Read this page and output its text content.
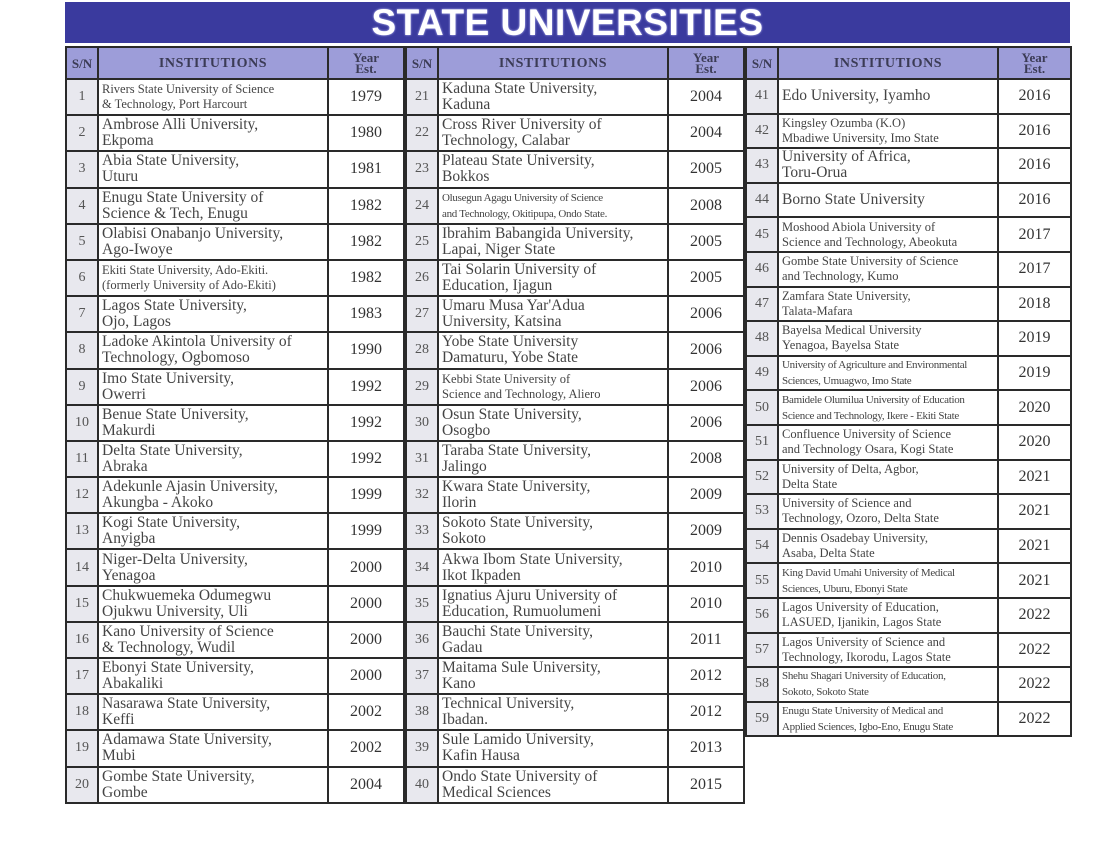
STATE UNIVERSITIES
S/N	INSTITUTIONS	Year
Est.
1	Rivers State University of Science
& Technology, Port Harcourt	1979
2	Ambrose Alli University,
Ekpoma	1980
3	Abia State University,
Uturu	1981
4	Enugu State University of
Science & Tech, Enugu	1982
5	Olabisi Onabanjo University,
Ago-Iwoye	1982
6	Ekiti State University, Ado-Ekiti.
(formerly University of Ado-Ekiti)	1982
7	Lagos State University,
Ojo, Lagos	1983
8	Ladoke Akintola University of
Technology, Ogbomoso	1990
9	Imo State University,
Owerri	1992
10	Benue State University,
Makurdi	1992
11	Delta State University,
Abraka	1992
12	Adekunle Ajasin University,
Akungba - Akoko	1999
13	Kogi State University,
Anyigba	1999
14	Niger-Delta University,
Yenagoa	2000
15	Chukwuemeka Odumegwu
Ojukwu University, Uli	2000
16	Kano University of Science
& Technology, Wudil	2000
17	Ebonyi State University,
Abakaliki	2000
18	Nasarawa State University,
Keffi	2002
19	Adamawa State University,
Mubi	2002
20	Gombe State University,
Gombe	2004
S/N	INSTITUTIONS	Year
Est.
21	Kaduna State University,
Kaduna	2004
22	Cross River University of
Technology, Calabar	2004
23	Plateau State University,
Bokkos	2005
24	Olusegun Agagu University of Science
and Technology, Okitipupa, Ondo State.	2008
25	Ibrahim Babangida University,
Lapai, Niger State	2005
26	Tai Solarin University of
Education, Ijagun	2005
27	Umaru Musa Yar'Adua
University, Katsina	2006
28	Yobe State University
Damaturu, Yobe State	2006
29	Kebbi State University of
Science and Technology, Aliero	2006
30	Osun State University,
Osogbo	2006
31	Taraba State University,
Jalingo	2008
32	Kwara State University,
Ilorin	2009
33	Sokoto State University,
Sokoto	2009
34	Akwa Ibom State University,
Ikot Ikpaden	2010
35	Ignatius Ajuru University of
Education, Rumuolumeni	2010
36	Bauchi State University,
Gadau	2011
37	Maitama Sule University,
Kano	2012
38	Technical University,
Ibadan.	2012
39	Sule Lamido University,
Kafin Hausa	2013
40	Ondo State University of
Medical Sciences	2015
S/N	INSTITUTIONS	Year
Est.
41	Edo University, Iyamho	2016
42	Kingsley Ozumba (K.O)
Mbadiwe University, Imo State	2016
43	University of Africa,
Toru-Orua	2016
44	Borno State University	2016
45	Moshood Abiola University of
Science and Technology, Abeokuta	2017
46	Gombe State University of Science
and Technology, Kumo	2017
47	Zamfara State University,
Talata-Mafara	2018
48	Bayelsa Medical University
Yenagoa, Bayelsa State	2019
49	University of Agriculture and Environmental
Sciences, Umuagwo, Imo State	2019
50	Bamidele Olumilua University of Education
Science and Technology, Ikere - Ekiti State	2020
51	Confluence University of Science
and Technology Osara, Kogi State	2020
52	University of Delta, Agbor,
Delta State	2021
53	University of Science and
Technology, Ozoro, Delta State	2021
54	Dennis Osadebay University,
Asaba, Delta State	2021
55	King David Umahi University of Medical
Sciences, Uburu, Ebonyi State	2021
56	Lagos University of Education,
LASUED, Ijanikin, Lagos State	2022
57	Lagos University of Science and
Technology, Ikorodu, Lagos State	2022
58	Shehu Shagari University of Education,
Sokoto, Sokoto State	2022
59	Enugu State University of Medical and
Applied Sciences, Igbo-Eno, Enugu State	2022
